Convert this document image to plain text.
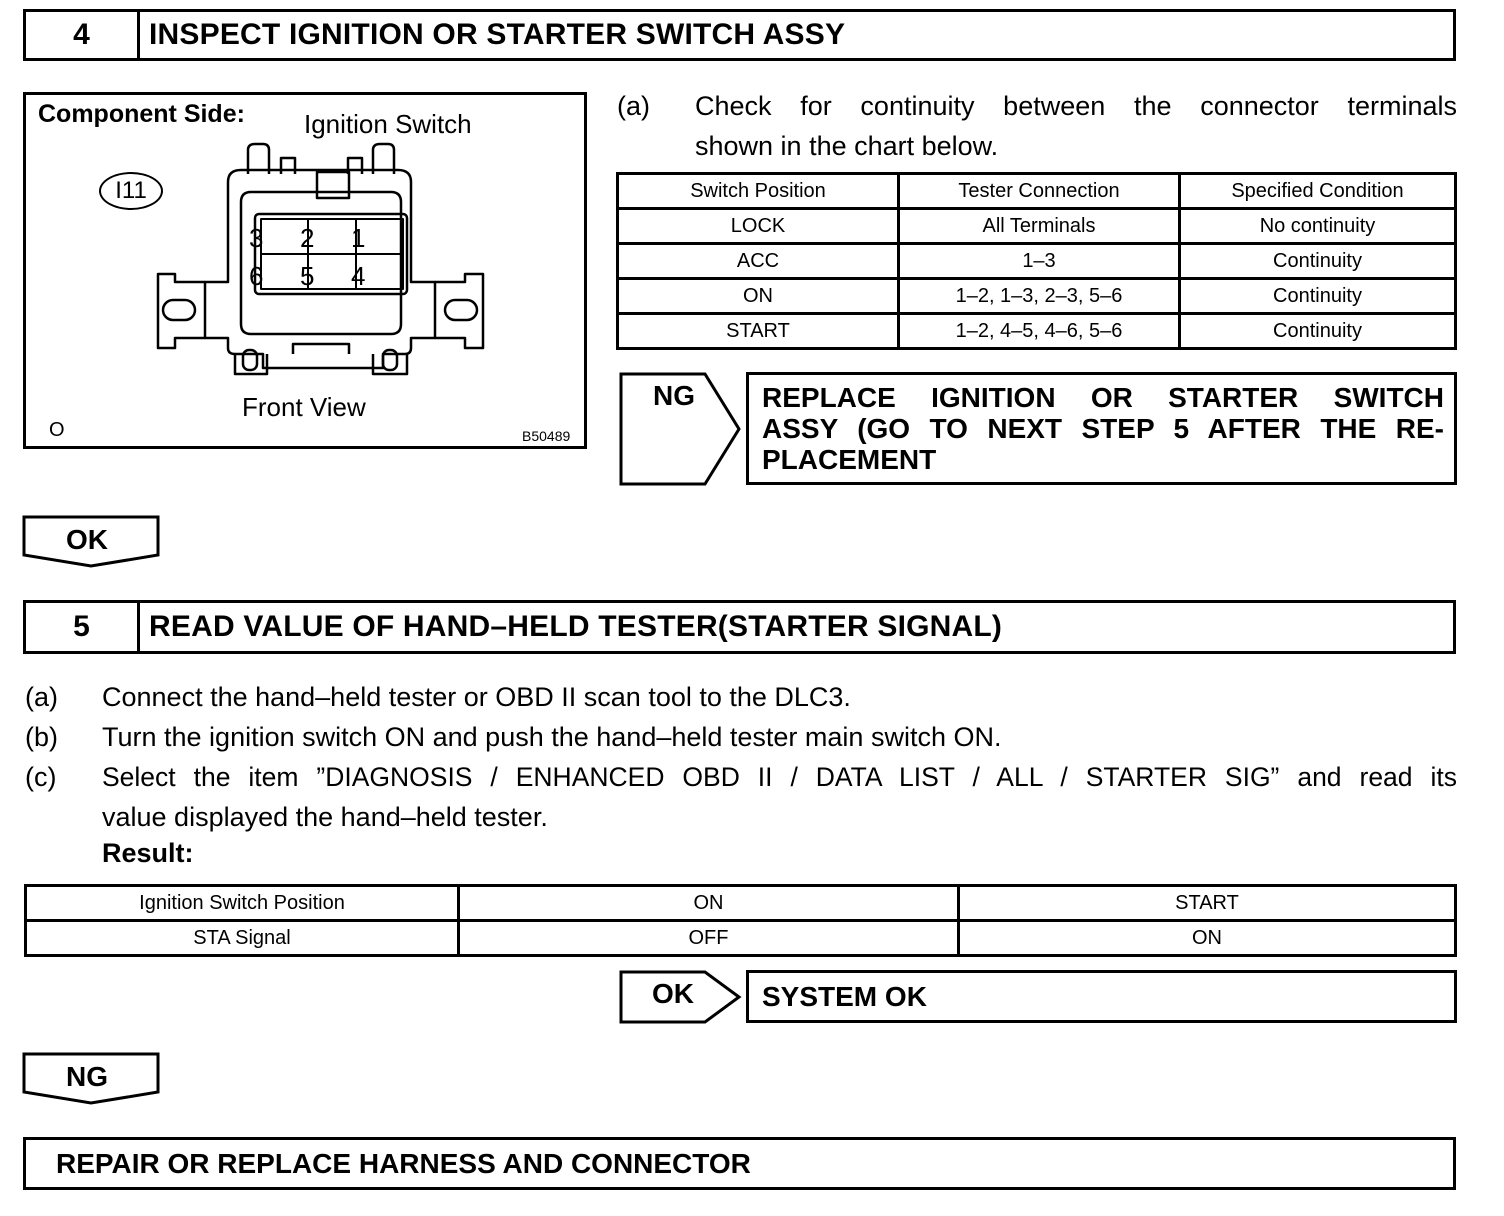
4	INSPECT IGNITION OR STARTER SWITCH ASSY
Component Side: Ignition Switch
Front View
O	B50489
I11
3 2 1
6 5 4
(a) Check for continuity between the connector terminals
shown in the chart below.
Switch Position	Tester Connection	Specified Condition
LOCK	All Terminals	No continuity
ACC	1–3	Continuity
ON	1–2, 1–3, 2–3, 5–6	Continuity
START	1–2, 4–5, 4–6, 5–6	Continuity
NG REPLACE IGNITION OR STARTER SWITCH
ASSY (GO TO NEXT STEP 5 AFTER THE RE-
PLACEMENT
OK
5	READ VALUE OF HAND–HELD TESTER(STARTER SIGNAL)
(a) Connect the hand–held tester or OBD II scan tool to the DLC3.
(b) Turn the ignition switch ON and push the hand–held tester main switch ON.
(c) Select the item ”DIAGNOSIS / ENHANCED OBD II / DATA LIST / ALL / STARTER SIG” and read its
value displayed the hand–held tester.
Result:
Ignition Switch Position	ON	START
STA Signal	OFF	ON
OK SYSTEM OK
NG
REPAIR OR REPLACE HARNESS AND CONNECTOR
